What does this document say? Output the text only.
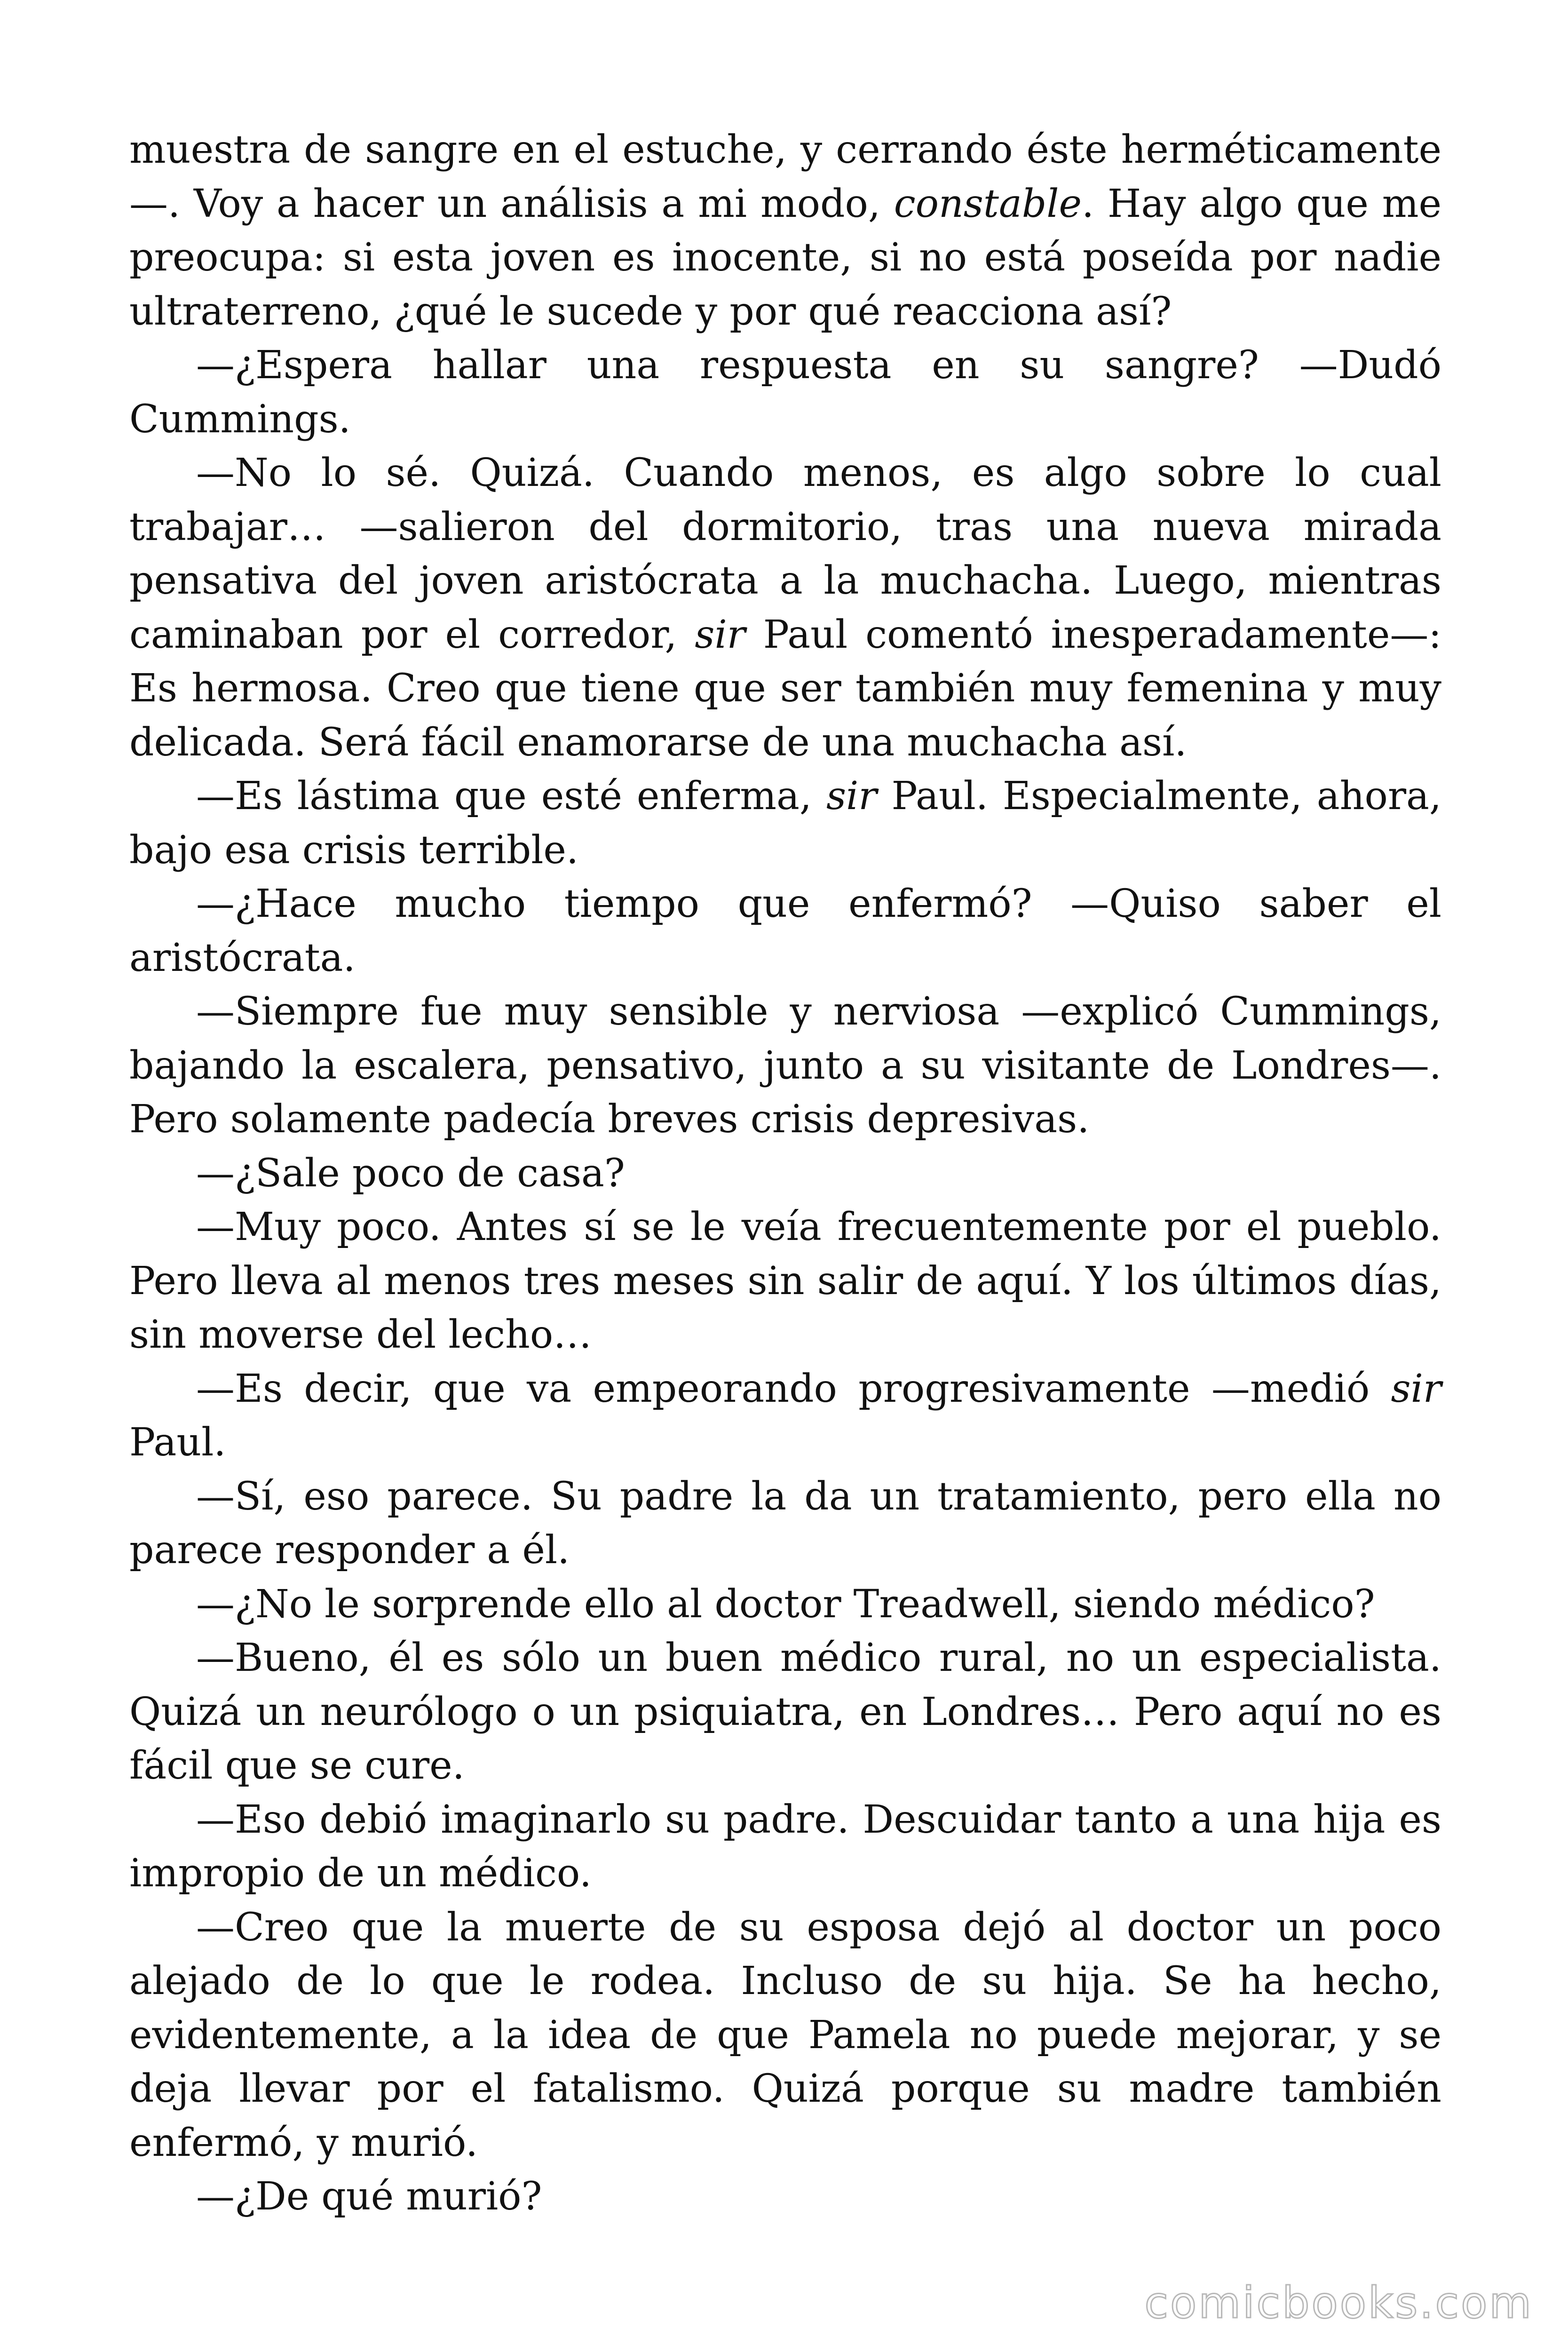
muestra de sangre en el estuche, y cerrando éste herméticamente—. Voy a hacer un análisis a mi modo, constable. Hay algo que me preocupa: si esta joven es inocente, si no está poseída por nadie ultraterreno, ¿qué le sucede y por qué reacciona así?

—¿Espera hallar una respuesta en su sangre? —Dudó Cummings.

—No lo sé. Quizá. Cuando menos, es algo sobre lo cual trabajar… —salieron del dormitorio, tras una nueva mirada pensativa del joven aristócrata a la muchacha. Luego, mientras caminaban por el corredor, sir Paul comentó inesperadamente—: Es hermosa. Creo que tiene que ser también muy femenina y muy delicada. Será fácil enamorarse de una muchacha así.

—Es lástima que esté enferma, sir Paul. Especialmente, ahora, bajo esa crisis terrible.

—¿Hace mucho tiempo que enfermó? —Quiso saber el aristócrata.

—Siempre fue muy sensible y nerviosa —explicó Cummings, bajando la escalera, pensativo, junto a su visitante de Londres—. Pero solamente padecía breves crisis depresivas.

—¿Sale poco de casa?

—Muy poco. Antes sí se le veía frecuentemente por el pueblo. Pero lleva al menos tres meses sin salir de aquí. Y los últimos días, sin moverse del lecho…

—Es decir, que va empeorando progresivamente —medió sir Paul.

—Sí, eso parece. Su padre la da un tratamiento, pero ella no parece responder a él.

—¿No le sorprende ello al doctor Treadwell, siendo médico?

—Bueno, él es sólo un buen médico rural, no un especialista. Quizá un neurólogo o un psiquiatra, en Londres… Pero aquí no es fácil que se cure.

—Eso debió imaginarlo su padre. Descuidar tanto a una hija es impropio de un médico.

—Creo que la muerte de su esposa dejó al doctor un poco alejado de lo que le rodea. Incluso de su hija. Se ha hecho, evidentemente, a la idea de que Pamela no puede mejorar, y se deja llevar por el fatalismo. Quizá porque su madre también enfermó, y murió.

—¿De qué murió?

comicbooks.com
